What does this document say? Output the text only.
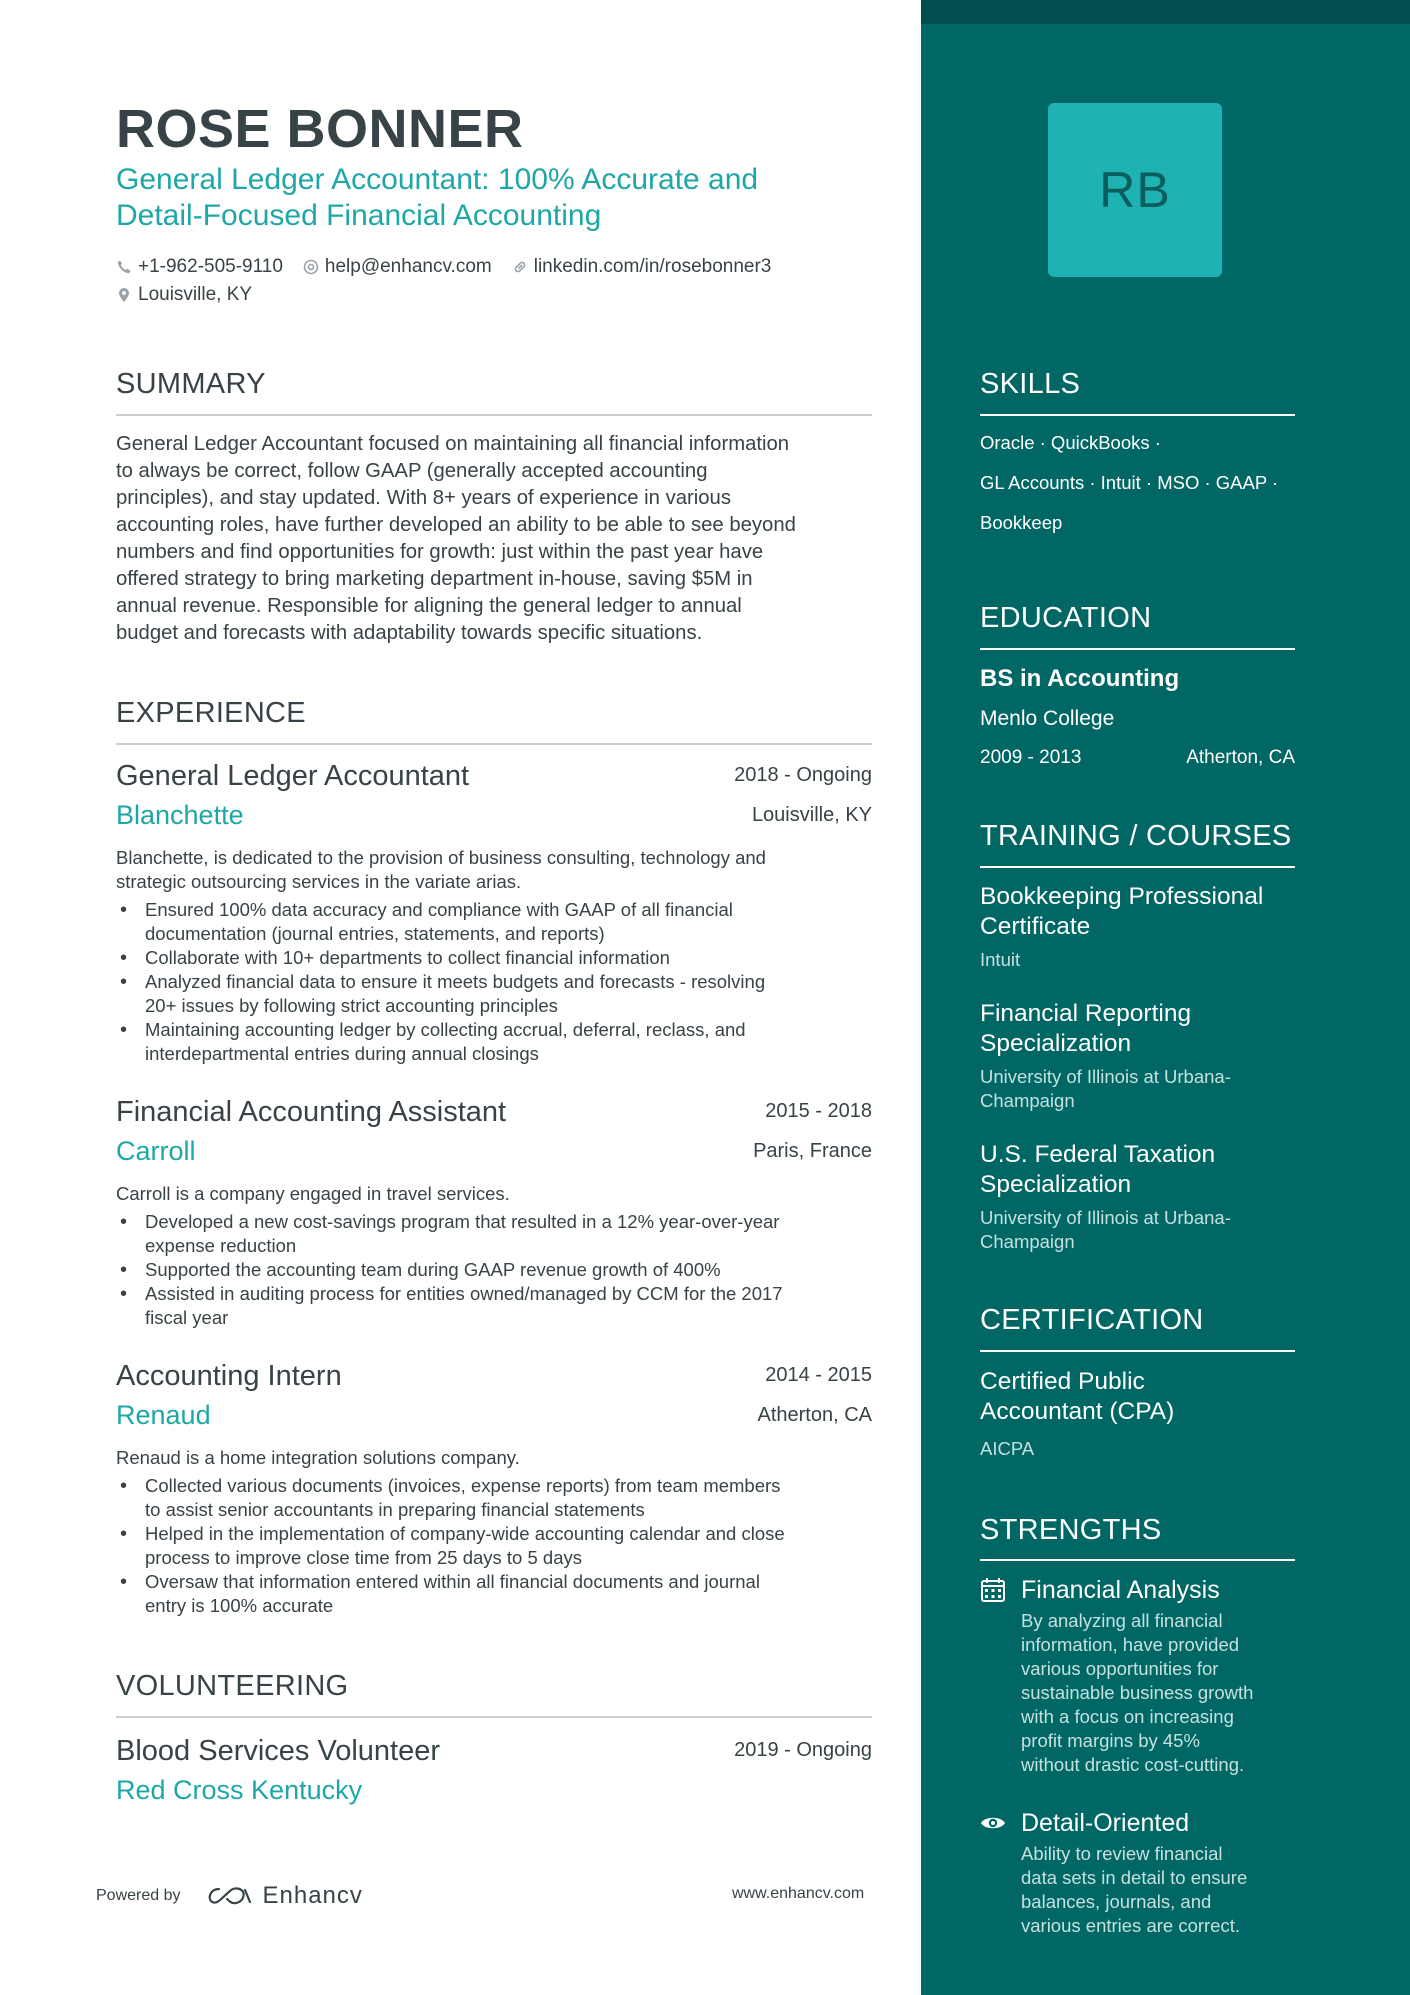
ROSE BONNER
General Ledger Accountant: 100% Accurate and
Detail-Focused Financial Accounting
+1-962-505-9110 help@enhancv.com linkedin.com/in/rosebonner3
Louisville, KY
SUMMARY
General Ledger Accountant focused on maintaining all financial information
to always be correct, follow GAAP (generally accepted accounting
principles), and stay updated. With 8+ years of experience in various
accounting roles, have further developed an ability to be able to see beyond
numbers and find opportunities for growth: just within the past year have
offered strategy to bring marketing department in-house, saving $5M in
annual revenue. Responsible for aligning the general ledger to annual
budget and forecasts with adaptability towards specific situations.
EXPERIENCE
General Ledger Accountant	2018 - Ongoing
Blanchette	Louisville, KY
Blanchette, is dedicated to the provision of business consulting, technology and
strategic outsourcing services in the variate arias.
• Ensured 100% data accuracy and compliance with GAAP of all financial
documentation (journal entries, statements, and reports)
• Collaborate with 10+ departments to collect financial information
• Analyzed financial data to ensure it meets budgets and forecasts - resolving
20+ issues by following strict accounting principles
• Maintaining accounting ledger by collecting accrual, deferral, reclass, and
interdepartmental entries during annual closings
Financial Accounting Assistant	2015 - 2018
Carroll	Paris, France
Carroll is a company engaged in travel services.
• Developed a new cost-savings program that resulted in a 12% year-over-year
expense reduction
• Supported the accounting team during GAAP revenue growth of 400%
• Assisted in auditing process for entities owned/managed by CCM for the 2017
fiscal year
Accounting Intern	2014 - 2015
Renaud	Atherton, CA
Renaud is a home integration solutions company.
• Collected various documents (invoices, expense reports) from team members
to assist senior accountants in preparing financial statements
• Helped in the implementation of company-wide accounting calendar and close
process to improve close time from 25 days to 5 days
• Oversaw that information entered within all financial documents and journal
entry is 100% accurate
VOLUNTEERING
Blood Services Volunteer	2019 - Ongoing
Red Cross Kentucky
Powered by	Enhancv	www.enhancv.com
RB
SKILLS
Oracle · QuickBooks ·
GL Accounts · Intuit · MSO · GAAP ·
Bookkeep
EDUCATION
BS in Accounting
Menlo College
2009 - 2013	Atherton, CA
TRAINING / COURSES
Bookkeeping Professional
Certificate
Intuit
Financial Reporting
Specialization
University of Illinois at Urbana-
Champaign
U.S. Federal Taxation
Specialization
University of Illinois at Urbana-
Champaign
CERTIFICATION
Certified Public
Accountant (CPA)
AICPA
STRENGTHS
Financial Analysis
By analyzing all financial
information, have provided
various opportunities for
sustainable business growth
with a focus on increasing
profit margins by 45%
without drastic cost-cutting.
Detail-Oriented
Ability to review financial
data sets in detail to ensure
balances, journals, and
various entries are correct.
